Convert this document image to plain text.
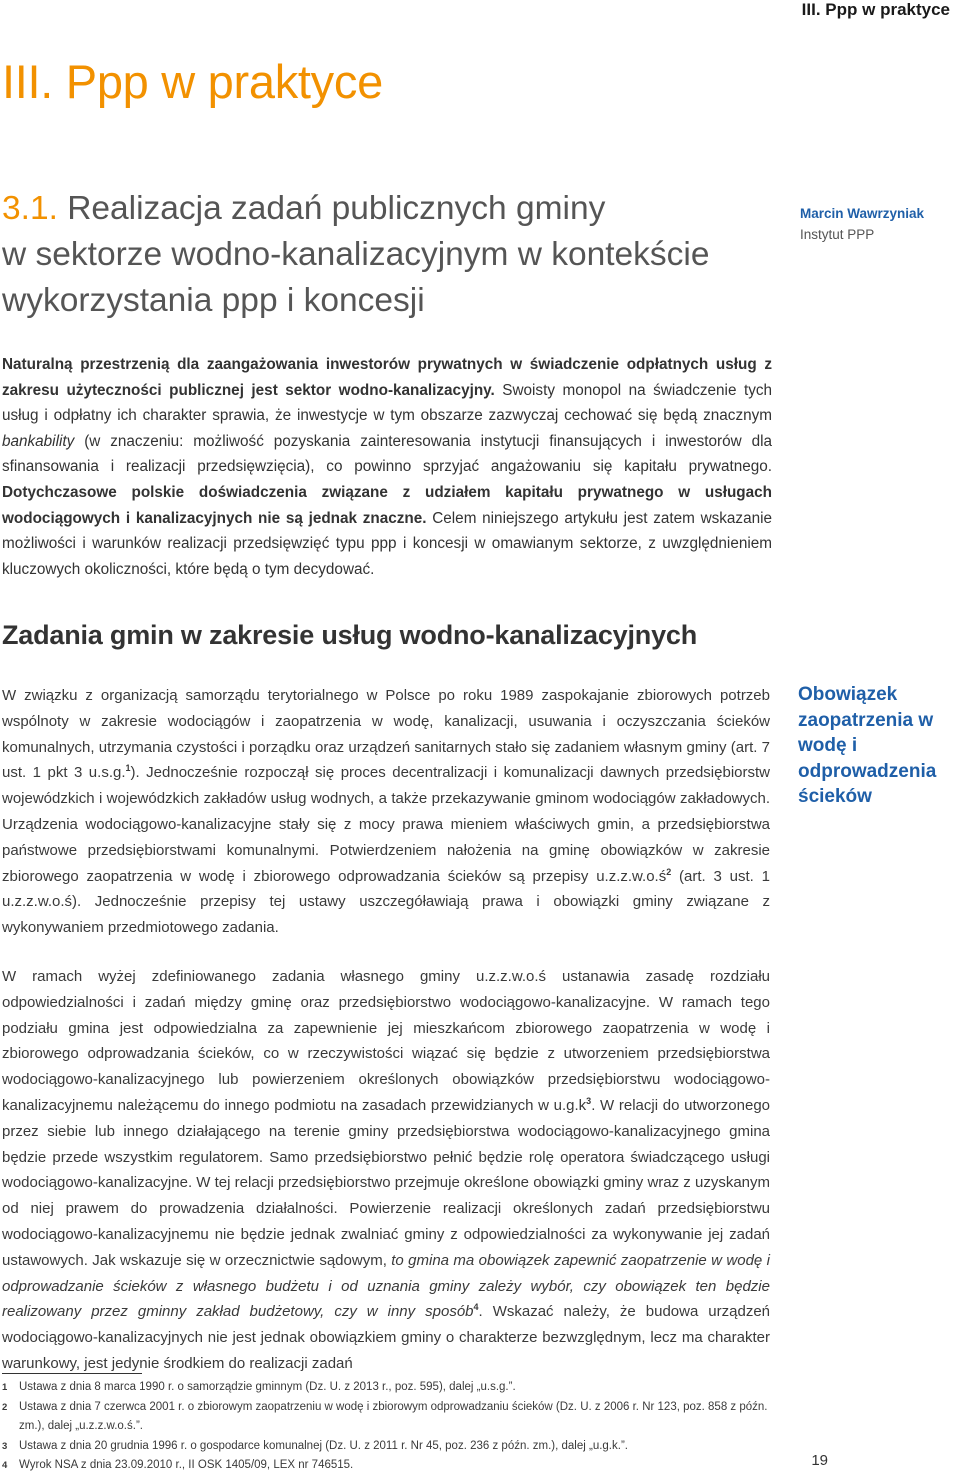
III. Ppp w praktyce
III. Ppp w praktyce
3.1. Realizacja zadań publicznych gminy
w sektorze wodno-kanalizacyjnym w kontekście
wykorzystania ppp i koncesji
Marcin Wawrzyniak
Instytut PPP

Naturalną przestrzenią dla zaangażowania inwestorów prywatnych w świadczenie odpłatnych usług z zakresu użyteczności publicznej jest sektor wodno-kanalizacyjny. Swoisty monopol na świadczenie tych usług i odpłatny ich charakter sprawia, że inwestycje w tym obszarze zazwyczaj cechować się będą znacznym bankability (w znaczeniu: możliwość pozyskania zainteresowania instytucji finansujących i inwestorów dla sfinansowania i realizacji przedsięwzięcia), co powinno sprzyjać angażowaniu się kapitału prywatnego. Dotychczasowe polskie doświadczenia związane z udziałem kapitału prywatnego w usługach wodociągowych i kanalizacyjnych nie są jednak znaczne. Celem niniejszego artykułu jest zatem wskazanie możliwości i warunków realizacji przedsięwzięć typu ppp i koncesji w omawianym sektorze, z uwzględnieniem kluczowych okoliczności, które będą o tym decydować.

Zadania gmin w zakresie usług wodno-kanalizacyjnych
Obowiązek zaopatrzenia w wodę i odprowadzenia ścieków

W związku z organizacją samorządu terytorialnego w Polsce po roku 1989 zaspokajanie zbiorowych potrzeb wspólnoty w zakresie wodociągów i zaopatrzenia w wodę, kanalizacji, usuwania i oczyszczania ścieków komunalnych, utrzymania czystości i porządku oraz urządzeń sanitarnych stało się zadaniem własnym gminy (art. 7 ust. 1 pkt 3 u.s.g.$^1$). Jednocześnie rozpoczął się proces decentralizacji i komunalizacji dawnych przedsiębiorstw wojewódzkich i wojewódzkich zakładów usług wodnych, a także przekazywanie gminom wodociągów zakładowych. Urządzenia wodociągowo-kanalizacyjne stały się z mocy prawa mieniem właściwych gmin, a przedsiębiorstwa państwowe przedsiębiorstwami komunalnymi. Potwierdzeniem nałożenia na gminę obowiązków w zakresie zbiorowego zaopatrzenia w wodę i zbiorowego odprowadzania ścieków są przepisy $u.z.z.w.o.ś^2$ (art. 3 ust. 1 u.z.z.w.o.ś). Jednocześnie przepisy tej ustawy uszczegóławiają prawa i obowiązki gminy związane z wykonywaniem przedmiotowego zadania.

W ramach wyżej zdefiniowanego zadania własnego gminy u.z.z.w.o.ś ustanawia zasadę rozdziału odpowiedzialności i zadań między gminę oraz przedsiębiorstwo wodociągowo-kanalizacyjne. W ramach tego podziału gmina jest odpowiedzialna za zapewnienie jej mieszkańcom zbiorowego zaopatrzenia w wodę i zbiorowego odprowadzania ścieków, co w rzeczywistości wiązać się będzie z utworzeniem przedsiębiorstwa wodociągowo-kanalizacyjnego lub powierzeniem określonych obowiązków przedsiębiorstwu wodociągowo-kanalizacyjnemu należącemu do innego podmiotu na zasadach przewidzianych w $u.g.k^3$. W relacji do utworzonego przez siebie lub innego działającego na terenie gminy przedsiębiorstwa wodociągowo-kanalizacyjnego gmina będzie przede wszystkim regulatorem. Samo przedsiębiorstwo pełnić będzie rolę operatora świadczącego usługi wodociągowo-kanalizacyjne. W tej relacji przedsiębiorstwo przejmuje określone obowiązki gminy wraz z uzyskanym od niej prawem do prowadzenia działalności. Powierzenie realizacji określonych zadań przedsiębiorstwu wodociągowo-kanalizacyjnemu nie będzie jednak zwalniać gminy z odpowiedzialności za wykonywanie jej zadań ustawowych. Jak wskazuje się w orzecznictwie sądowym, to gmina ma obowiązek zapewnić zaopatrzenie w wodę i odprowadzanie ścieków z własnego budżetu i od uznania gminy zależy wybór, czy obowiązek ten będzie realizowany przez gminny zakład budżetowy, czy w inny sposób$^4$. Wskazać należy, że budowa urządzeń wodociągowo-kanalizacyjnych nie jest jednak obowiązkiem gminy o charakterze bezwzględnym, lecz ma charakter warunkowy, jest jedynie środkiem do realizacji zadań

1	Ustawa z dnia 8 marca 1990 r. o samorządzie gminnym (Dz. U. z 2013 r., poz. 595), dalej „u.s.g.”.
2	Ustawa z dnia 7 czerwca 2001 r. o zbiorowym zaopatrzeniu w wodę i zbiorowym odprowadzaniu ścieków (Dz. U. z 2006 r. Nr 123, poz. 858 z późn. zm.), dalej „u.z.z.w.o.ś.”.
3	Ustawa z dnia 20 grudnia 1996 r. o gospodarce komunalnej (Dz. U. z 2011 r. Nr 45, poz. 236 z późn. zm.), dalej „u.g.k.”.
4	Wyrok NSA z dnia 23.09.2010 r., II OSK 1405/09, LEX nr 746515.	19
